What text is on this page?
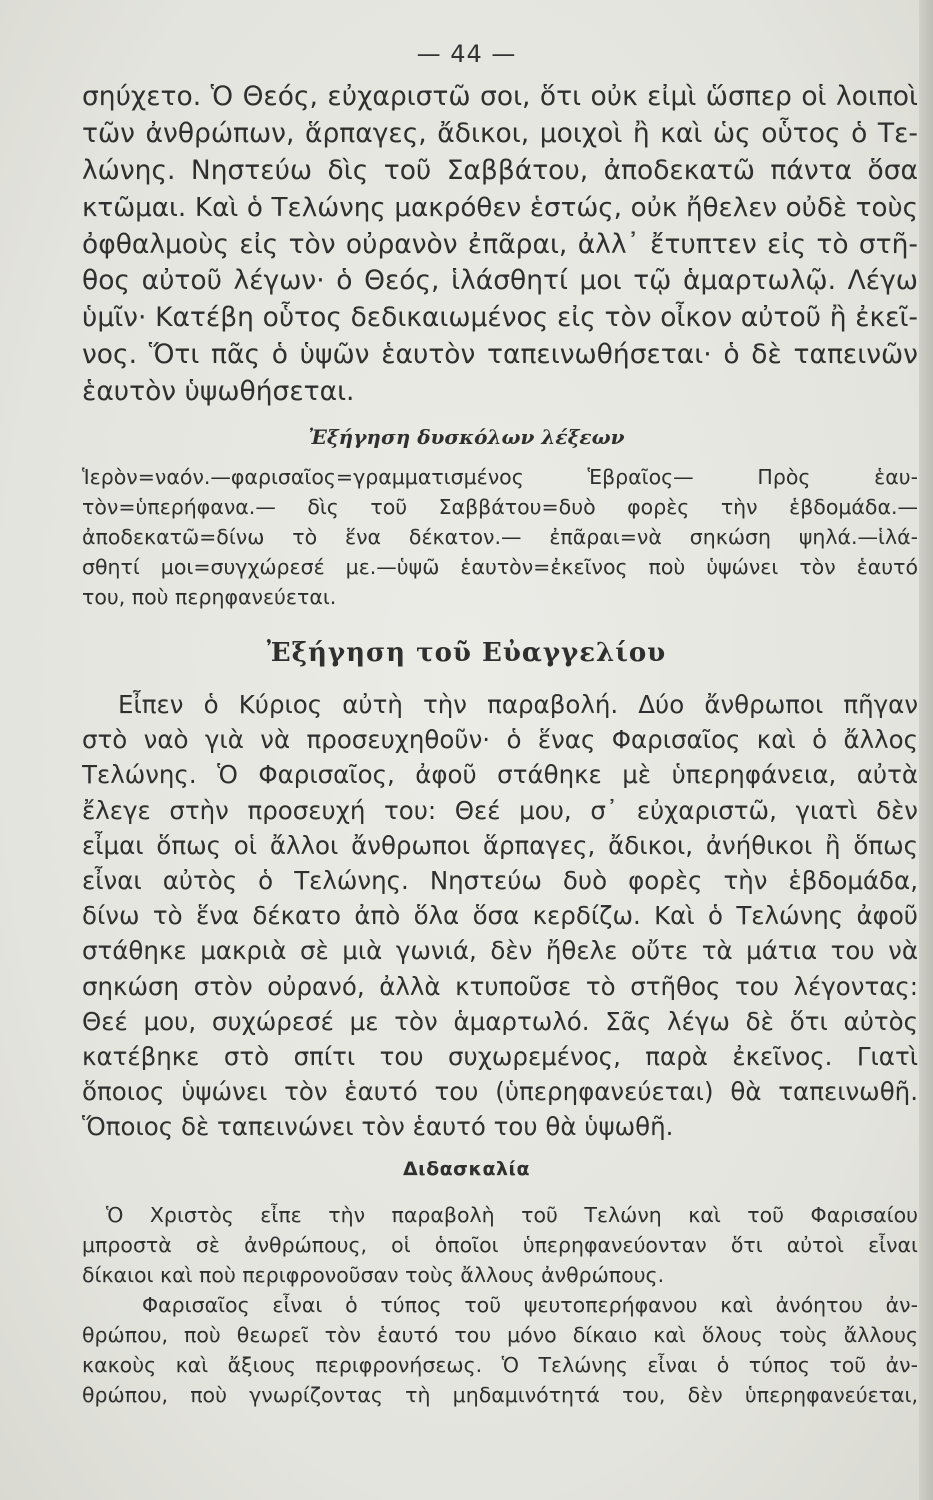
— 44 —
σηύχετο. Ὁ Θεός, εὐχαριστῶ σοι, ὅτι οὐκ εἰμὶ ὥσπερ οἱ λοιποὶ
τῶν ἀνθρώπων, ἅρπαγες, ἄδικοι, μοιχοὶ ἢ καὶ ὡς οὗτος ὁ Τε-
λώνης. Νηστεύω δὶς τοῦ Σαββάτου, ἀποδεκατῶ πάντα ὅσα
κτῶμαι. Καὶ ὁ Τελώνης μακρόθεν ἑστώς, οὐκ ἤθελεν οὐδὲ τοὺς
ὀφθαλμοὺς εἰς τὸν οὐρανὸν ἐπᾶραι, ἀλλ᾽ ἔτυπτεν εἰς τὸ στῆ-
θος αὐτοῦ λέγων· ὁ Θεός, ἱλάσθητί μοι τῷ ἁμαρτωλῷ. Λέγω
ὑμῖν· Κατέβη οὗτος δεδικαιωμένος εἰς τὸν οἶκον αὐτοῦ ἢ ἐκεῖ-
νος. Ὅτι πᾶς ὁ ὑψῶν ἑαυτὸν ταπεινωθήσεται· ὁ δὲ ταπεινῶν
ἑαυτὸν ὑψωθήσεται.
Ἐξήγηση δυσκόλων λέξεων
Ἱερὸν=ναόν.—φαρισαῖος=γραμματισμένος Ἑβραῖος— Πρὸς ἑαυ-
τὸν=ὑπερήφανα.— δὶς τοῦ Σαββάτου=δυὸ φορὲς τὴν ἑβδομάδα.—
ἀποδεκατῶ=δίνω τὸ ἕνα δέκατον.— ἐπᾶραι=νὰ σηκώση ψηλά.—ἱλά-
σθητί μοι=συγχώρεσέ με.—ὑψῶ ἑαυτὸν=ἐκεῖνος ποὺ ὑψώνει τὸν ἑαυτό
του, ποὺ περηφανεύεται.
Ἐξήγηση τοῦ Εὐαγγελίου
Εἶπεν ὁ Κύριος αὐτὴ τὴν παραβολή. Δύο ἄνθρωποι πῆγαν
στὸ ναὸ γιὰ νὰ προσευχηθοῦν· ὁ ἕνας Φαρισαῖος καὶ ὁ ἄλλος
Τελώνης. Ὁ Φαρισαῖος, ἀφοῦ στάθηκε μὲ ὑπερηφάνεια, αὐτὰ
ἔλεγε στὴν προσευχή του: Θεέ μου, σ᾽ εὐχαριστῶ, γιατὶ δὲν
εἶμαι ὅπως οἱ ἄλλοι ἄνθρωποι ἅρπαγες, ἄδικοι, ἀνήθικοι ἢ ὅπως
εἶναι αὐτὸς ὁ Τελώνης. Νηστεύω δυὸ φορὲς τὴν ἑβδομάδα,
δίνω τὸ ἕνα δέκατο ἀπὸ ὅλα ὅσα κερδίζω. Καὶ ὁ Τελώνης ἀφοῦ
στάθηκε μακριὰ σὲ μιὰ γωνιά, δὲν ἤθελε οὔτε τὰ μάτια του νὰ
σηκώση στὸν οὐρανό, ἀλλὰ κτυποῦσε τὸ στῆθος του λέγοντας:
Θεέ μου, συχώρεσέ με τὸν ἁμαρτωλό. Σᾶς λέγω δὲ ὅτι αὐτὸς
κατέβηκε στὸ σπίτι του συχωρεμένος, παρὰ ἐκεῖνος. Γιατὶ
ὅποιος ὑψώνει τὸν ἑαυτό του (ὑπερηφανεύεται) θὰ ταπεινωθῆ.
Ὅποιος δὲ ταπεινώνει τὸν ἑαυτό του θὰ ὑψωθῆ.
Διδασκαλία
Ὁ Χριστὸς εἶπε τὴν παραβολὴ τοῦ Τελώνη καὶ τοῦ Φαρισαίου
μπροστὰ σὲ ἀνθρώπους, οἱ ὁποῖοι ὑπερηφανεύονταν ὅτι αὐτοὶ εἶναι
δίκαιοι καὶ ποὺ περιφρονοῦσαν τοὺς ἄλλους ἀνθρώπους.
Φαρισαῖος εἶναι ὁ τύπος τοῦ ψευτοπερήφανου καὶ ἀνόητου ἀν-
θρώπου, ποὺ θεωρεῖ τὸν ἑαυτό του μόνο δίκαιο καὶ ὅλους τοὺς ἄλλους
κακοὺς καὶ ἄξιους περιφρονήσεως. Ὁ Τελώνης εἶναι ὁ τύπος τοῦ ἀν-
θρώπου, ποὺ γνωρίζοντας τὴ μηδαμινότητά του, δὲν ὑπερηφανεύεται,
